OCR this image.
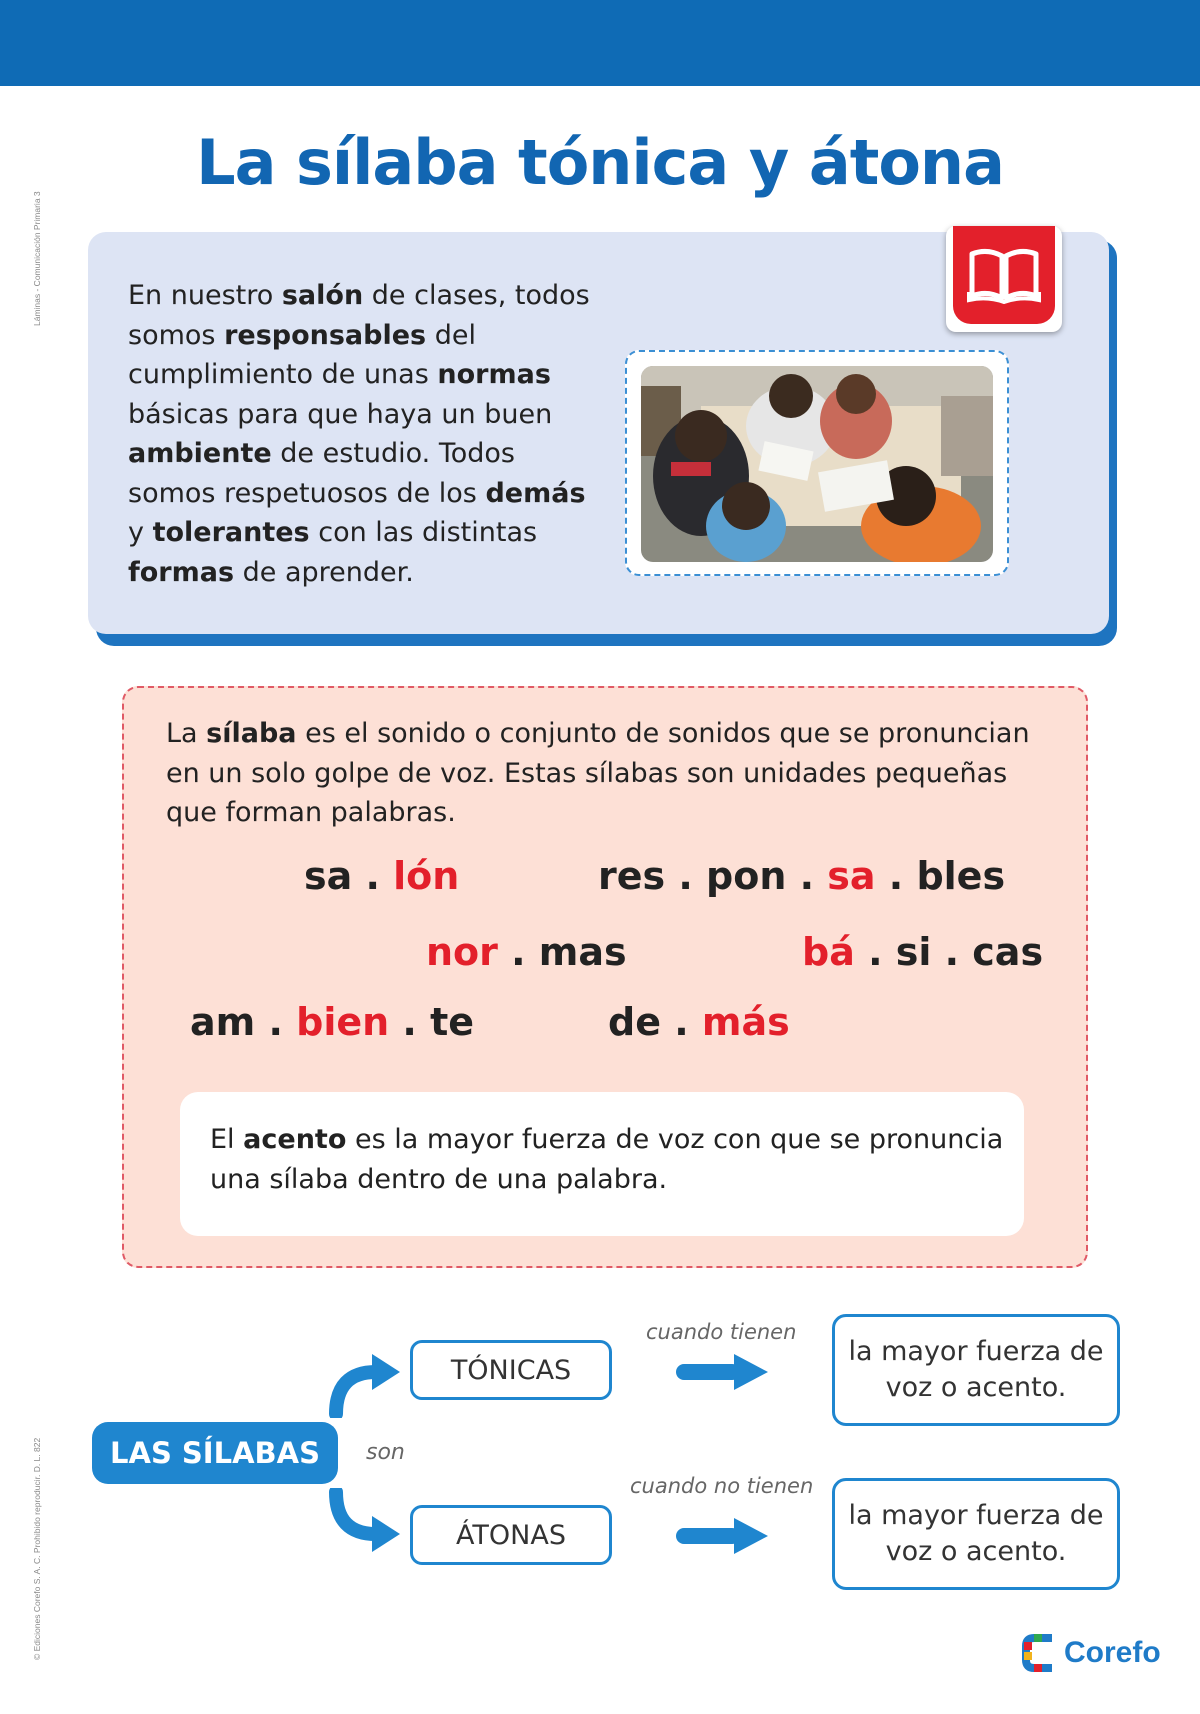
Láminas - Comunicación Primaria 3
© Ediciones Corefo S. A. C. Prohibido reproducir. D. L. 822
La sílaba tónica y átona

En nuestro salón de clases, todos somos responsables del cumplimiento de unas normas básicas para que haya un buen ambiente de estudio. Todos somos respetuosos de los demás y tolerantes con las distintas formas de aprender.

La sílaba es el sonido o conjunto de sonidos que se pronuncian en un solo golpe de voz. Estas sílabas son unidades pequeñas que forman palabras.

sa . lón	res . pon . sa . bles
nor . mas	bá . si . cas
am . bien . te	de . más

El acento es la mayor fuerza de voz con que se pronuncia una sílaba dentro de una palabra.

LAS SÍLABAS	son
TÓNICAS
ÁTONAS
cuando tienen
cuando no tienen
la mayor fuerza de voz o acento.
la mayor fuerza de voz o acento.
Corefo
